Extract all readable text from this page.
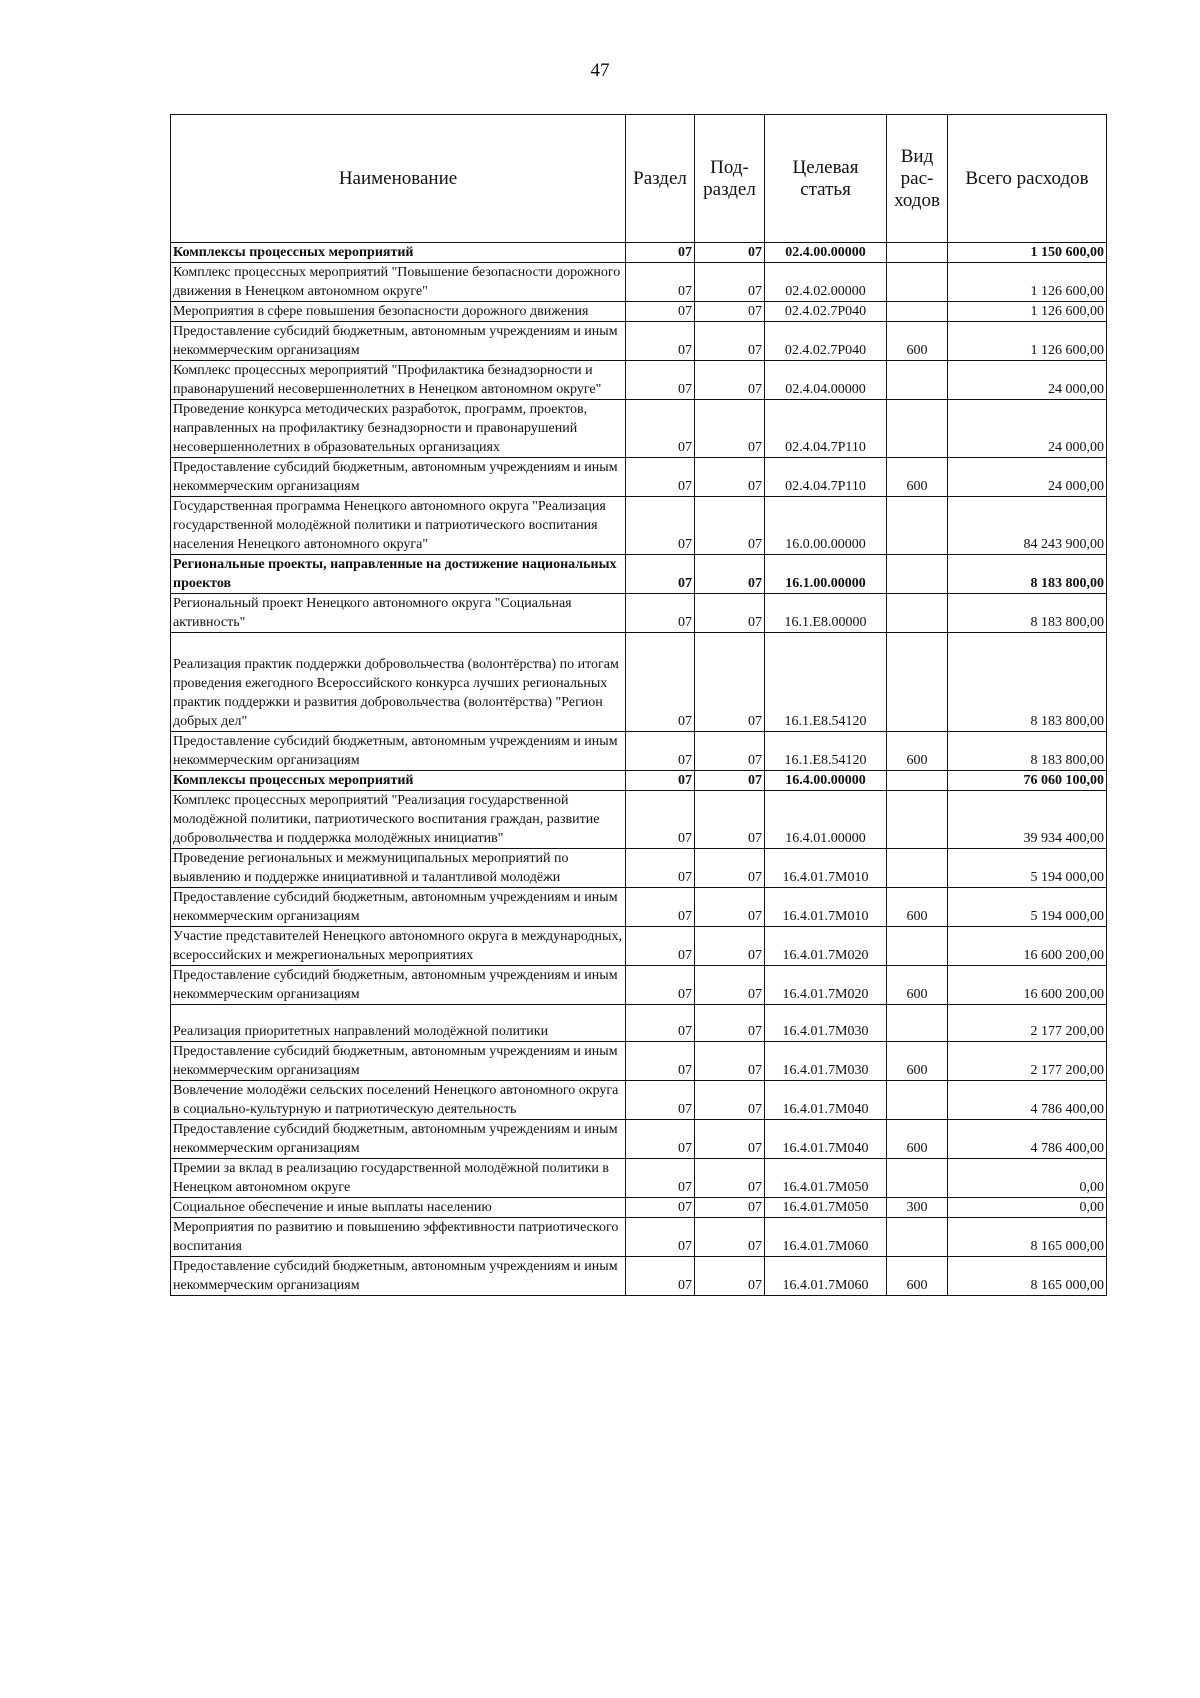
47
Наименование	Раздел	Под-раздел	Целевая статья	Вид рас-ходов	Всего расходов
Комплексы процессных мероприятий	07	07	02.4.00.00000		1 150 600,00
Комплекс процессных мероприятий "Повышение безопасности дорожного движения в Ненецком автономном округе"	07	07	02.4.02.00000		1 126 600,00
Мероприятия в сфере повышения безопасности дорожного движения	07	07	02.4.02.7Р040		1 126 600,00
Предоставление субсидий бюджетным, автономным учреждениям и иным некоммерческим организациям	07	07	02.4.02.7Р040	600	1 126 600,00
Комплекс процессных мероприятий "Профилактика безнадзорности и правонарушений несовершеннолетних в Ненецком автономном округе"	07	07	02.4.04.00000		24 000,00
Проведение конкурса методических разработок, программ, проектов, направленных на профилактику безнадзорности и правонарушений несовершеннолетних в образовательных организациях	07	07	02.4.04.7Р110		24 000,00
Предоставление субсидий бюджетным, автономным учреждениям и иным некоммерческим организациям	07	07	02.4.04.7Р110	600	24 000,00
Государственная программа Ненецкого автономного округа "Реализация государственной молодёжной политики и патриотического воспитания населения Ненецкого автономного округа"	07	07	16.0.00.00000		84 243 900,00
Региональные проекты, направленные на достижение национальных проектов	07	07	16.1.00.00000		8 183 800,00
Региональный проект Ненецкого автономного округа "Социальная активность"	07	07	16.1.Е8.00000		8 183 800,00
Реализация практик поддержки добровольчества (волонтёрства) по итогам проведения ежегодного Всероссийского конкурса лучших региональных практик поддержки и развития добровольчества (волонтёрства) "Регион добрых дел"	07	07	16.1.Е8.54120		8 183 800,00
Предоставление субсидий бюджетным, автономным учреждениям и иным некоммерческим организациям	07	07	16.1.Е8.54120	600	8 183 800,00
Комплексы процессных мероприятий	07	07	16.4.00.00000		76 060 100,00
Комплекс процессных мероприятий "Реализация государственной молодёжной политики, патриотического воспитания граждан, развитие добровольчества и поддержка молодёжных инициатив"	07	07	16.4.01.00000		39 934 400,00
Проведение региональных и межмуниципальных мероприятий по выявлению и поддержке инициативной и талантливой молодёжи	07	07	16.4.01.7М010		5 194 000,00
Предоставление субсидий бюджетным, автономным учреждениям и иным некоммерческим организациям	07	07	16.4.01.7М010	600	5 194 000,00
Участие представителей Ненецкого автономного округа в международных, всероссийских и межрегиональных мероприятиях	07	07	16.4.01.7М020		16 600 200,00
Предоставление субсидий бюджетным, автономным учреждениям и иным некоммерческим организациям	07	07	16.4.01.7М020	600	16 600 200,00
Реализация приоритетных направлений молодёжной политики	07	07	16.4.01.7М030		2 177 200,00
Предоставление субсидий бюджетным, автономным учреждениям и иным некоммерческим организациям	07	07	16.4.01.7М030	600	2 177 200,00
Вовлечение молодёжи сельских поселений Ненецкого автономного округа в социально-культурную и патриотическую деятельность	07	07	16.4.01.7М040		4 786 400,00
Предоставление субсидий бюджетным, автономным учреждениям и иным некоммерческим организациям	07	07	16.4.01.7М040	600	4 786 400,00
Премии за вклад в реализацию государственной молодёжной политики в Ненецком автономном округе	07	07	16.4.01.7М050		0,00
Социальное обеспечение и иные выплаты населению	07	07	16.4.01.7М050	300	0,00
Мероприятия по развитию и повышению эффективности патриотического воспитания	07	07	16.4.01.7М060		8 165 000,00
Предоставление субсидий бюджетным, автономным учреждениям и иным некоммерческим организациям	07	07	16.4.01.7М060	600	8 165 000,00
